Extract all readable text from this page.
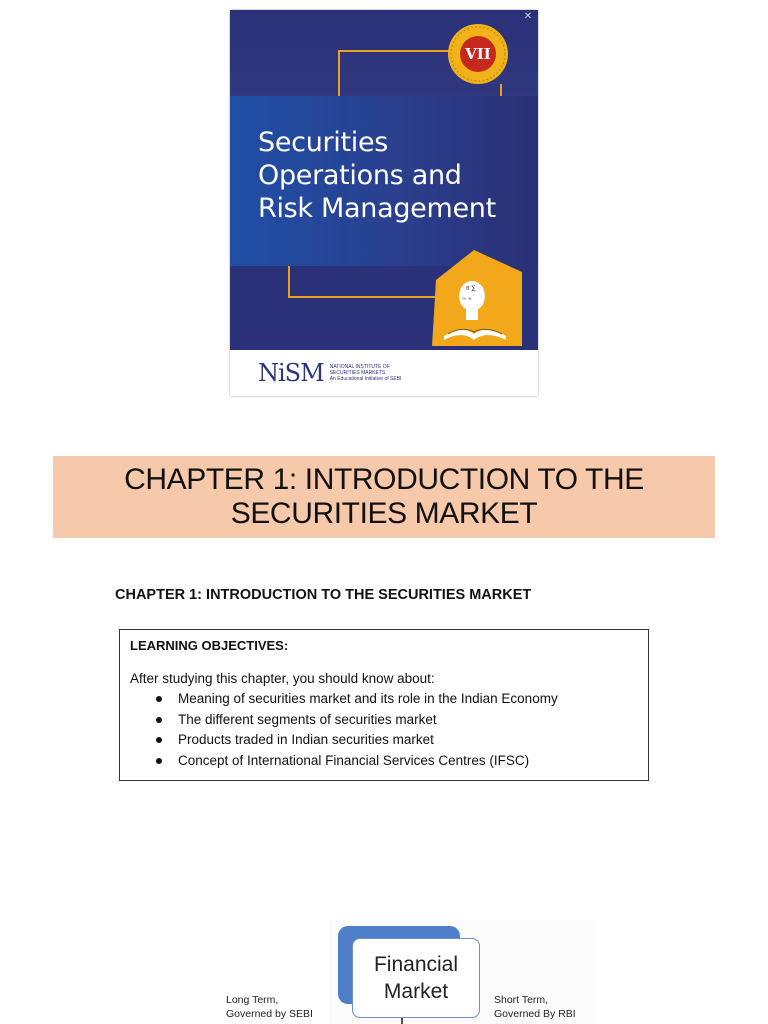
✕
VII
Securities
Operations and
Risk Management
π ∑
∞ ≈
NiSM NATIONAL INSTITUTE OF
SECURITIES MARKETS
An Educational Initiative of SEBI
CHAPTER 1: INTRODUCTION TO THE
SECURITIES MARKET
CHAPTER 1: INTRODUCTION TO THE SECURITIES MARKET
LEARNING OBJECTIVES:
After studying this chapter, you should know about:
Meaning of securities market and its role in the Indian Economy
The different segments of securities market
Products traded in Indian securities market
Concept of International Financial Services Centres (IFSC)
Financial
Market
Long Term,
Governed by SEBI
Short Term,
Governed By RBI
